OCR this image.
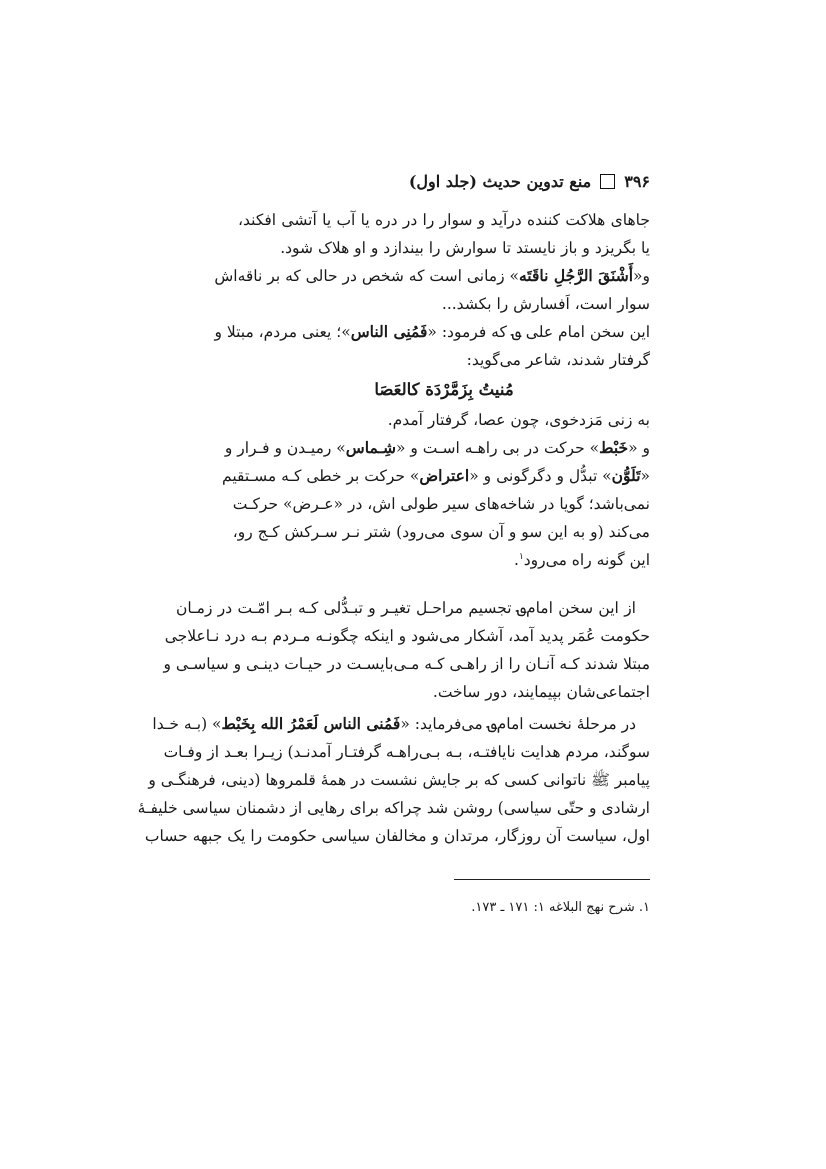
۳۹۶
منع تدوین حدیث (جلد اول)
جاهای هلاکت کننده درآید و سوار را در دره یا آب یا آتشی افکند،
یا بگریزد و باز نایستد تا سوارش را بیندازد و او هلاک شود.
و«أَشْنَقَ الرَّجُلِ ناقَتَه» زمانی است که شخص در حالی که بر ناقه‌اش
سوار است، اَفسارش را بکشد...
این سخن امام علی ؈ که فرمود: «فَمُنِی الناس»؛ یعنی مردم، مبتلا و
گرفتار شدند، شاعر می‌گوید:
مُنیتُ بِزَمَّرْدَة کالعَصَا
به زنی مَزدخوی، چون عصا، گرفتار آمدم.
و «خَبْط» حرکت در بی راهـه اسـت و «شِـماس» رمیـدن و فـرار و
«تَلَوُّن» تبدُّل و دگرگونی و «اعتراض» حرکت بر خطی کـه مسـتقیم
نمی‌باشد؛ گویا در شاخه‌های سیر طولی اش، در «عـرض» حرکـت
می‌کند (و به این سو و آن سوی می‌رود) شتر نـر سـرکش کـج رو،
این گونه راه می‌رود$^۱$.
از این سخن امام؈ تجسیم مراحـل تغیـر و تبـدُّلی کـه بـر امّـت در زمـان
حکومت عُمَر پدید آمد، آشکار می‌شود و اینکه چگونـه مـردم بـه درد نـاعلاجی
مبتلا شدند کـه آنـان را از راهـی کـه مـی‌بایسـت در حیـات دینـی و سیاسـی و
اجتماعی‌شان بپیمایند، دور ساخت.
در مرحلهٔ نخست امام؈ می‌فرماید: «فَمُنی الناس لَعَمْرُ الله بِخَبْط» (بـه خـدا
سوگند، مردم هدایت نایافتـه، بـه بـی‌راهـه گرفتـار آمدنـد) زیـرا بعـد از وفـات
پیامبر ﷺ ناتوانی کسی که بر جایش نشست در همهٔ قلمروها (دینی، فرهنگـی و
ارشادی و حتّی سیاسی) روشن شد چراکه برای رهایی از دشمنان سیاسی خلیفـهٔ
اول، سیاست آن روزگار، مرتدان و مخالفان سیاسی حکومت را یک جبهه حساب
۱. شرح نهج البلاغه ۱: ۱۷۱ ـ ۱۷۳.
